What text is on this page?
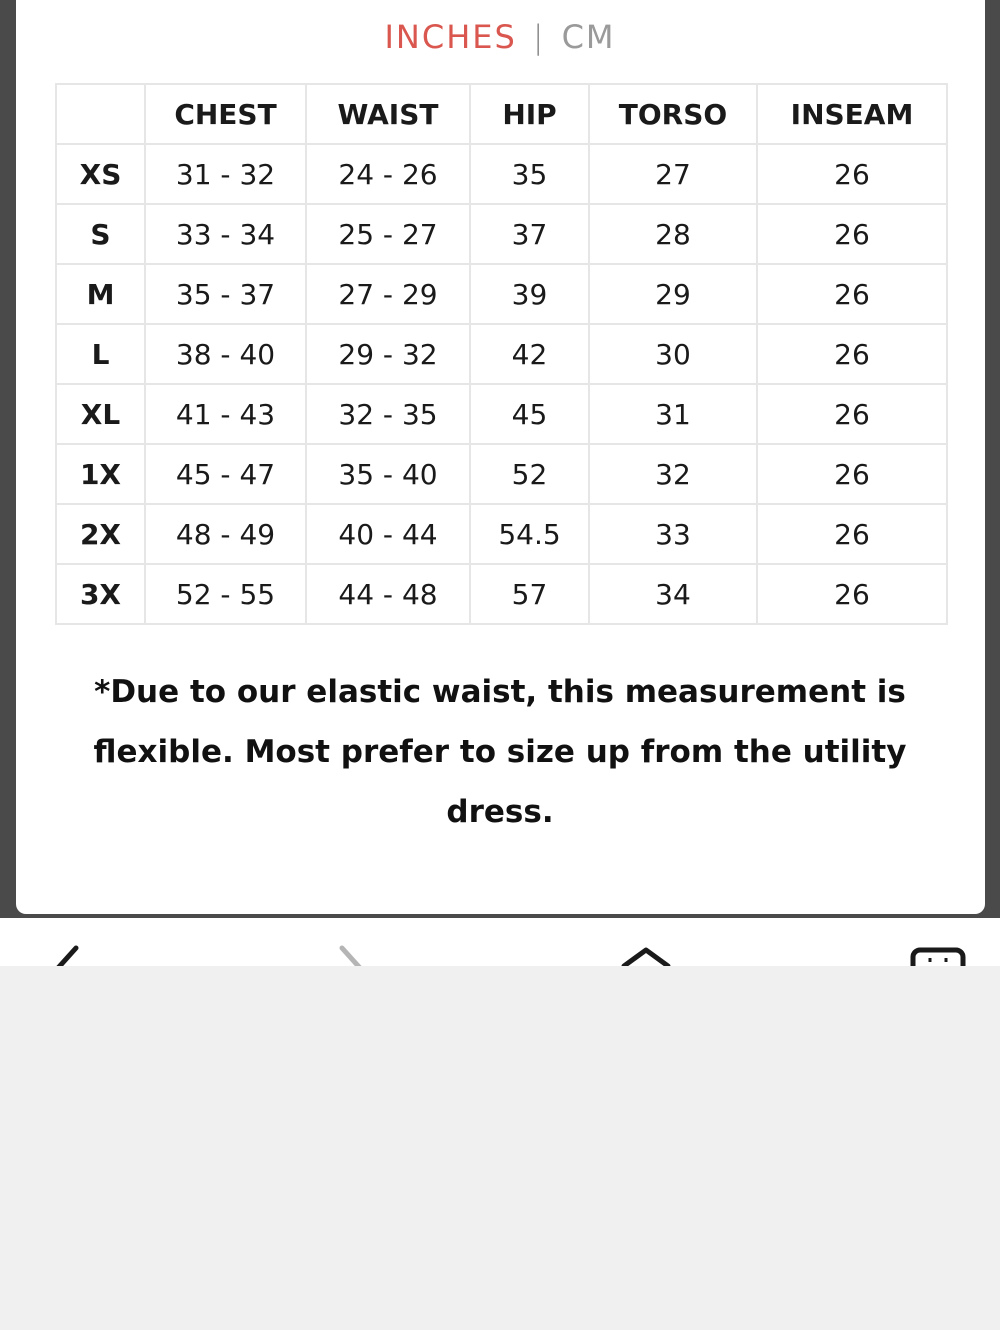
INCHES | CM
	CHEST	WAIST	HIP	TORSO	INSEAM
XS	31 - 32	24 - 26	35	27	26
S	33 - 34	25 - 27	37	28	26
M	35 - 37	27 - 29	39	29	26
L	38 - 40	29 - 32	42	30	26
XL	41 - 43	32 - 35	45	31	26
1X	45 - 47	35 - 40	52	32	26
2X	48 - 49	40 - 44	54.5	33	26
3X	52 - 55	44 - 48	57	34	26
*Due to our elastic waist, this measurement is flexible. Most prefer to size up from the utility dress.
